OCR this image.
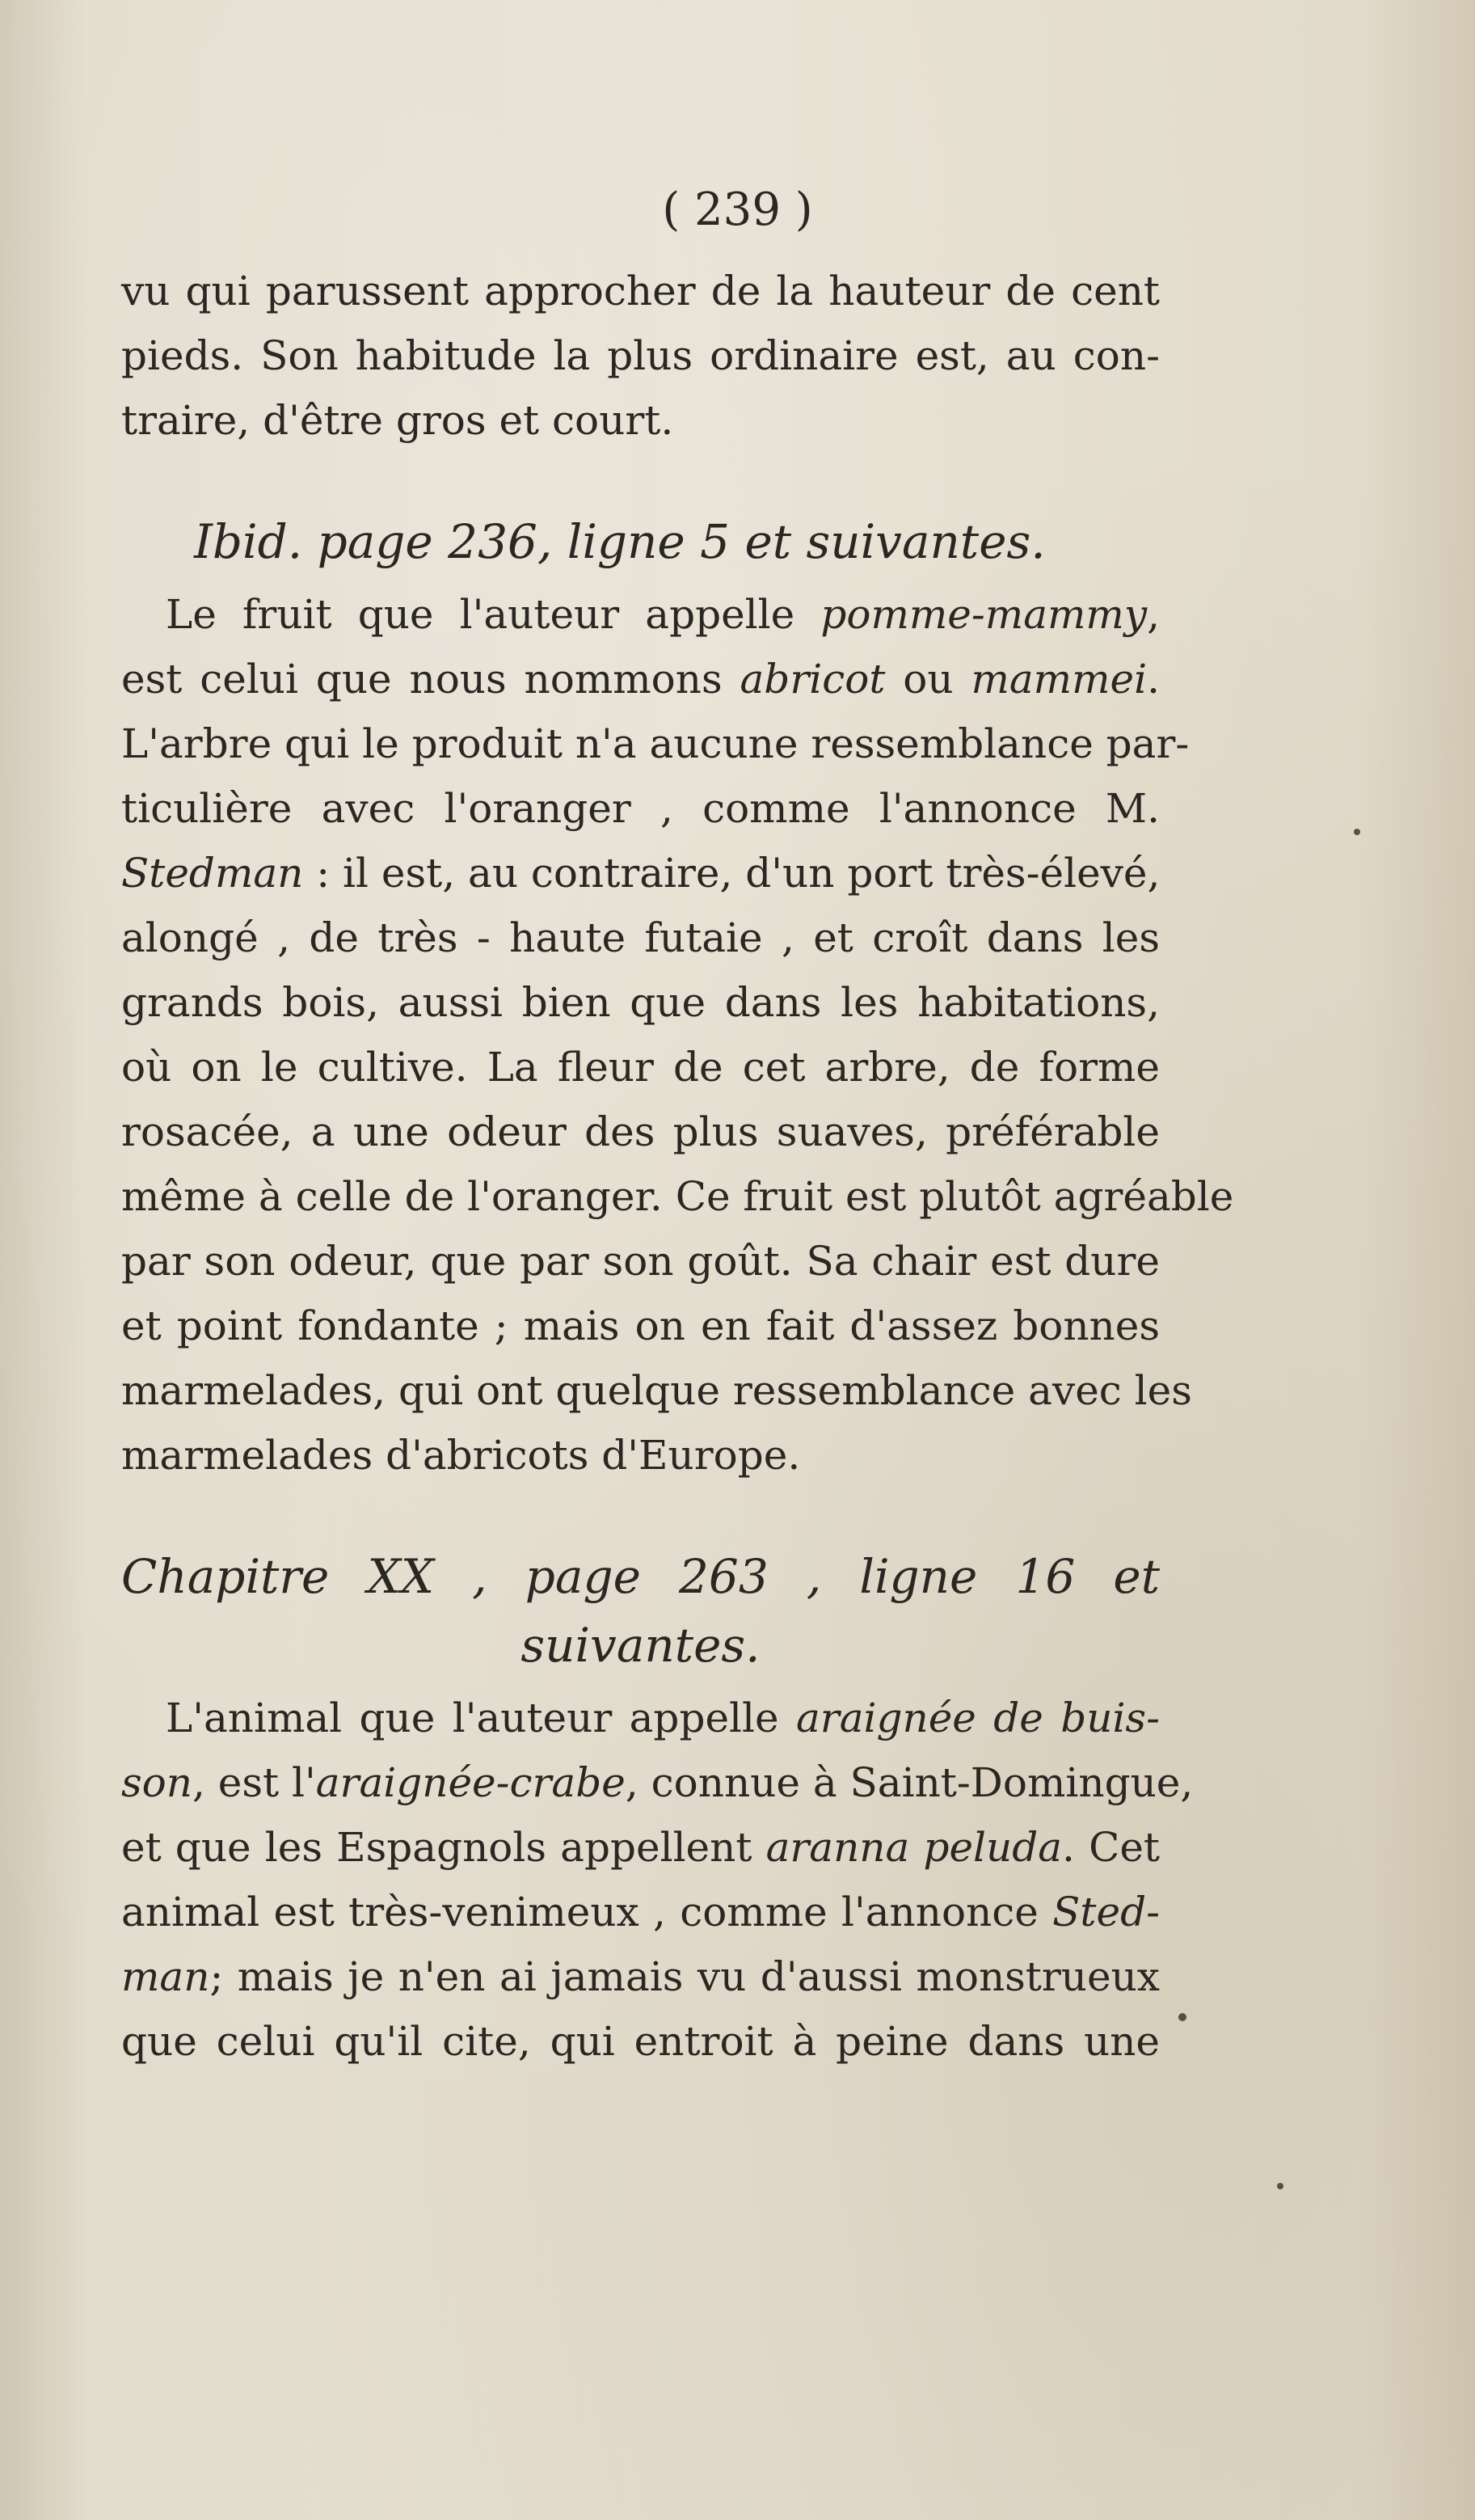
( 239 )
vu qui parussent approcher de la hauteur de cent
pieds. Son habitude la plus ordinaire est, au con-
traire, d'être gros et court.
Ibid. page 236, ligne 5 et suivantes.
Le fruit que l'auteur appelle pomme-mammy,
est celui que nous nommons abricot ou mammei.
L'arbre qui le produit n'a aucune ressemblance par-
ticulière avec l'oranger , comme l'annonce M.
Stedman : il est, au contraire, d'un port très-élevé,
alongé , de très - haute futaie , et croît dans les
grands bois, aussi bien que dans les habitations,
où on le cultive. La fleur de cet arbre, de forme
rosacée, a une odeur des plus suaves, préférable
même à celle de l'oranger. Ce fruit est plutôt agréable
par son odeur, que par son goût. Sa chair est dure
et point fondante ; mais on en fait d'assez bonnes
marmelades, qui ont quelque ressemblance avec les
marmelades d'abricots d'Europe.
Chapitre XX , page 263 , ligne 16 et
suivantes.
L'animal que l'auteur appelle araignée de buis-
son, est l'araignée-crabe, connue à Saint-Domingue,
et que les Espagnols appellent aranna peluda. Cet
animal est très-venimeux , comme l'annonce Sted-
man; mais je n'en ai jamais vu d'aussi monstrueux
que celui qu'il cite, qui entroit à peine dans une
